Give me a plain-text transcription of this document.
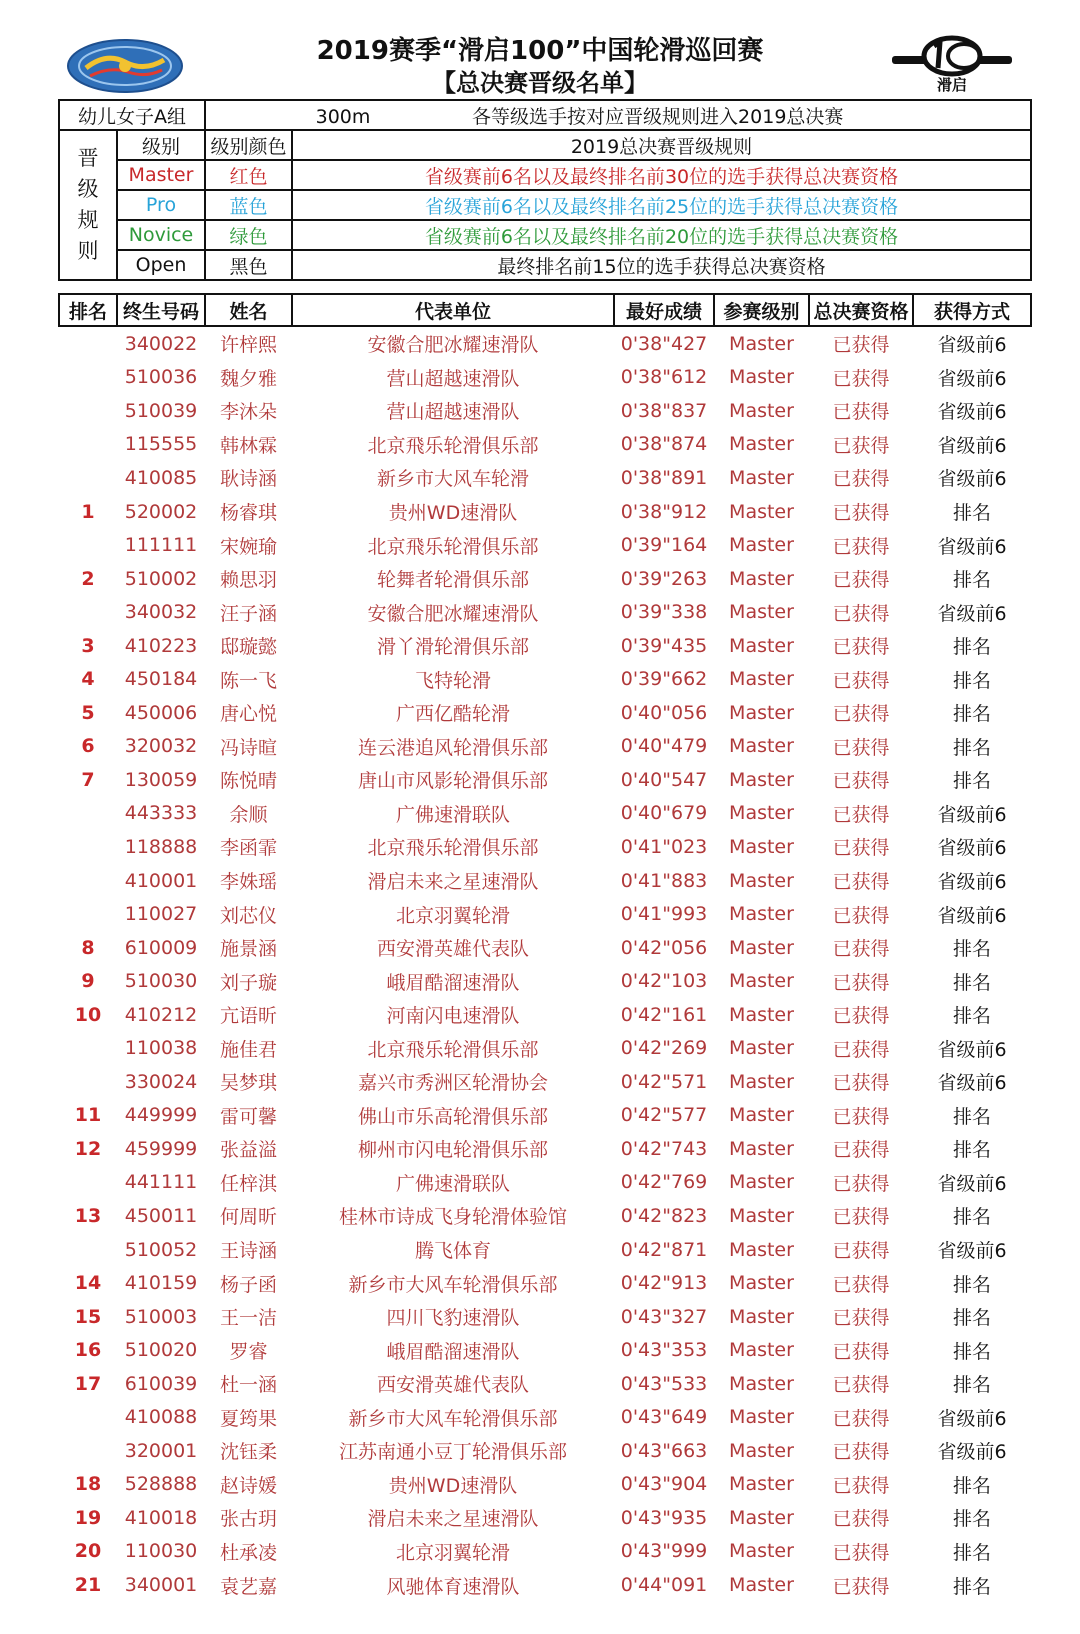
2019赛季“滑启100”中国轮滑巡回赛
【总决赛晋级名单】	滑启
幼儿女子A组		300m 各等级选手按对应晋级规则进入2019总决赛	

晋
级
规
则	级别	级别颜色	2019总决赛晋级规则
	Master	红色	省级赛前6名以及最终排名前30位的选手获得总决赛资格
	Pro	蓝色	省级赛前6名以及最终排名前25位的选手获得总决赛资格
	Novice	绿色	省级赛前6名以及最终排名前20位的选手获得总决赛资格
	Open	黑色	最终排名前15位的选手获得总决赛资格
排名	终生号码	姓名	代表单位	最好成绩	参赛级别	总决赛资格	获得方式
	340022	许梓熙	安徽合肥冰耀速滑队	0'38"427	Master	已获得	省级前6
	510036	魏夕雅	营山超越速滑队	0'38"612	Master	已获得	省级前6
	510039	李沐朵	营山超越速滑队	0'38"837	Master	已获得	省级前6
	115555	韩林霖	北京飛乐轮滑俱乐部	0'38"874	Master	已获得	省级前6
	410085	耿诗涵	新乡市大风车轮滑	0'38"891	Master	已获得	省级前6
1	520002	杨睿琪	贵州WD速滑队	0'38"912	Master	已获得	排名
	111111	宋婉瑜	北京飛乐轮滑俱乐部	0'39"164	Master	已获得	省级前6
2	510002	赖思羽	轮舞者轮滑俱乐部	0'39"263	Master	已获得	排名
	340032	汪子涵	安徽合肥冰耀速滑队	0'39"338	Master	已获得	省级前6
3	410223	邸璇懿	滑丫滑轮滑俱乐部	0'39"435	Master	已获得	排名
4	450184	陈一飞	飞特轮滑	0'39"662	Master	已获得	排名
5	450006	唐心悦	广西亿酷轮滑	0'40"056	Master	已获得	排名
6	320032	冯诗暄	连云港追风轮滑俱乐部	0'40"479	Master	已获得	排名
7	130059	陈悦晴	唐山市风影轮滑俱乐部	0'40"547	Master	已获得	排名
	443333	余顺	广佛速滑联队	0'40"679	Master	已获得	省级前6
	118888	李函霏	北京飛乐轮滑俱乐部	0'41"023	Master	已获得	省级前6
	410001	李姝瑶	滑启未来之星速滑队	0'41"883	Master	已获得	省级前6
	110027	刘芯仪	北京羽翼轮滑	0'41"993	Master	已获得	省级前6
8	610009	施景涵	西安滑英雄代表队	0'42"056	Master	已获得	排名
9	510030	刘子璇	峨眉酷溜速滑队	0'42"103	Master	已获得	排名
10	410212	亢语昕	河南闪电速滑队	0'42"161	Master	已获得	排名
	110038	施佳君	北京飛乐轮滑俱乐部	0'42"269	Master	已获得	省级前6
	330024	吴梦琪	嘉兴市秀洲区轮滑协会	0'42"571	Master	已获得	省级前6
11	449999	雷可馨	佛山市乐高轮滑俱乐部	0'42"577	Master	已获得	排名
12	459999	张益溢	柳州市闪电轮滑俱乐部	0'42"743	Master	已获得	排名
	441111	任梓淇	广佛速滑联队	0'42"769	Master	已获得	省级前6
13	450011	何周昕	桂林市诗成飞身轮滑体验馆	0'42"823	Master	已获得	排名
	510052	王诗涵	腾飞体育	0'42"871	Master	已获得	省级前6
14	410159	杨子函	新乡市大风车轮滑俱乐部	0'42"913	Master	已获得	排名
15	510003	王一洁	四川飞豹速滑队	0'43"327	Master	已获得	排名
16	510020	罗睿	峨眉酷溜速滑队	0'43"353	Master	已获得	排名
17	610039	杜一涵	西安滑英雄代表队	0'43"533	Master	已获得	排名
	410088	夏筠果	新乡市大风车轮滑俱乐部	0'43"649	Master	已获得	省级前6
	320001	沈钰柔	江苏南通小豆丁轮滑俱乐部	0'43"663	Master	已获得	省级前6
18	528888	赵诗媛	贵州WD速滑队	0'43"904	Master	已获得	排名
19	410018	张古玥	滑启未来之星速滑队	0'43"935	Master	已获得	排名
20	110030	杜承凌	北京羽翼轮滑	0'43"999	Master	已获得	排名
21	340001	袁艺嘉	风驰体育速滑队	0'44"091	Master	已获得	排名
